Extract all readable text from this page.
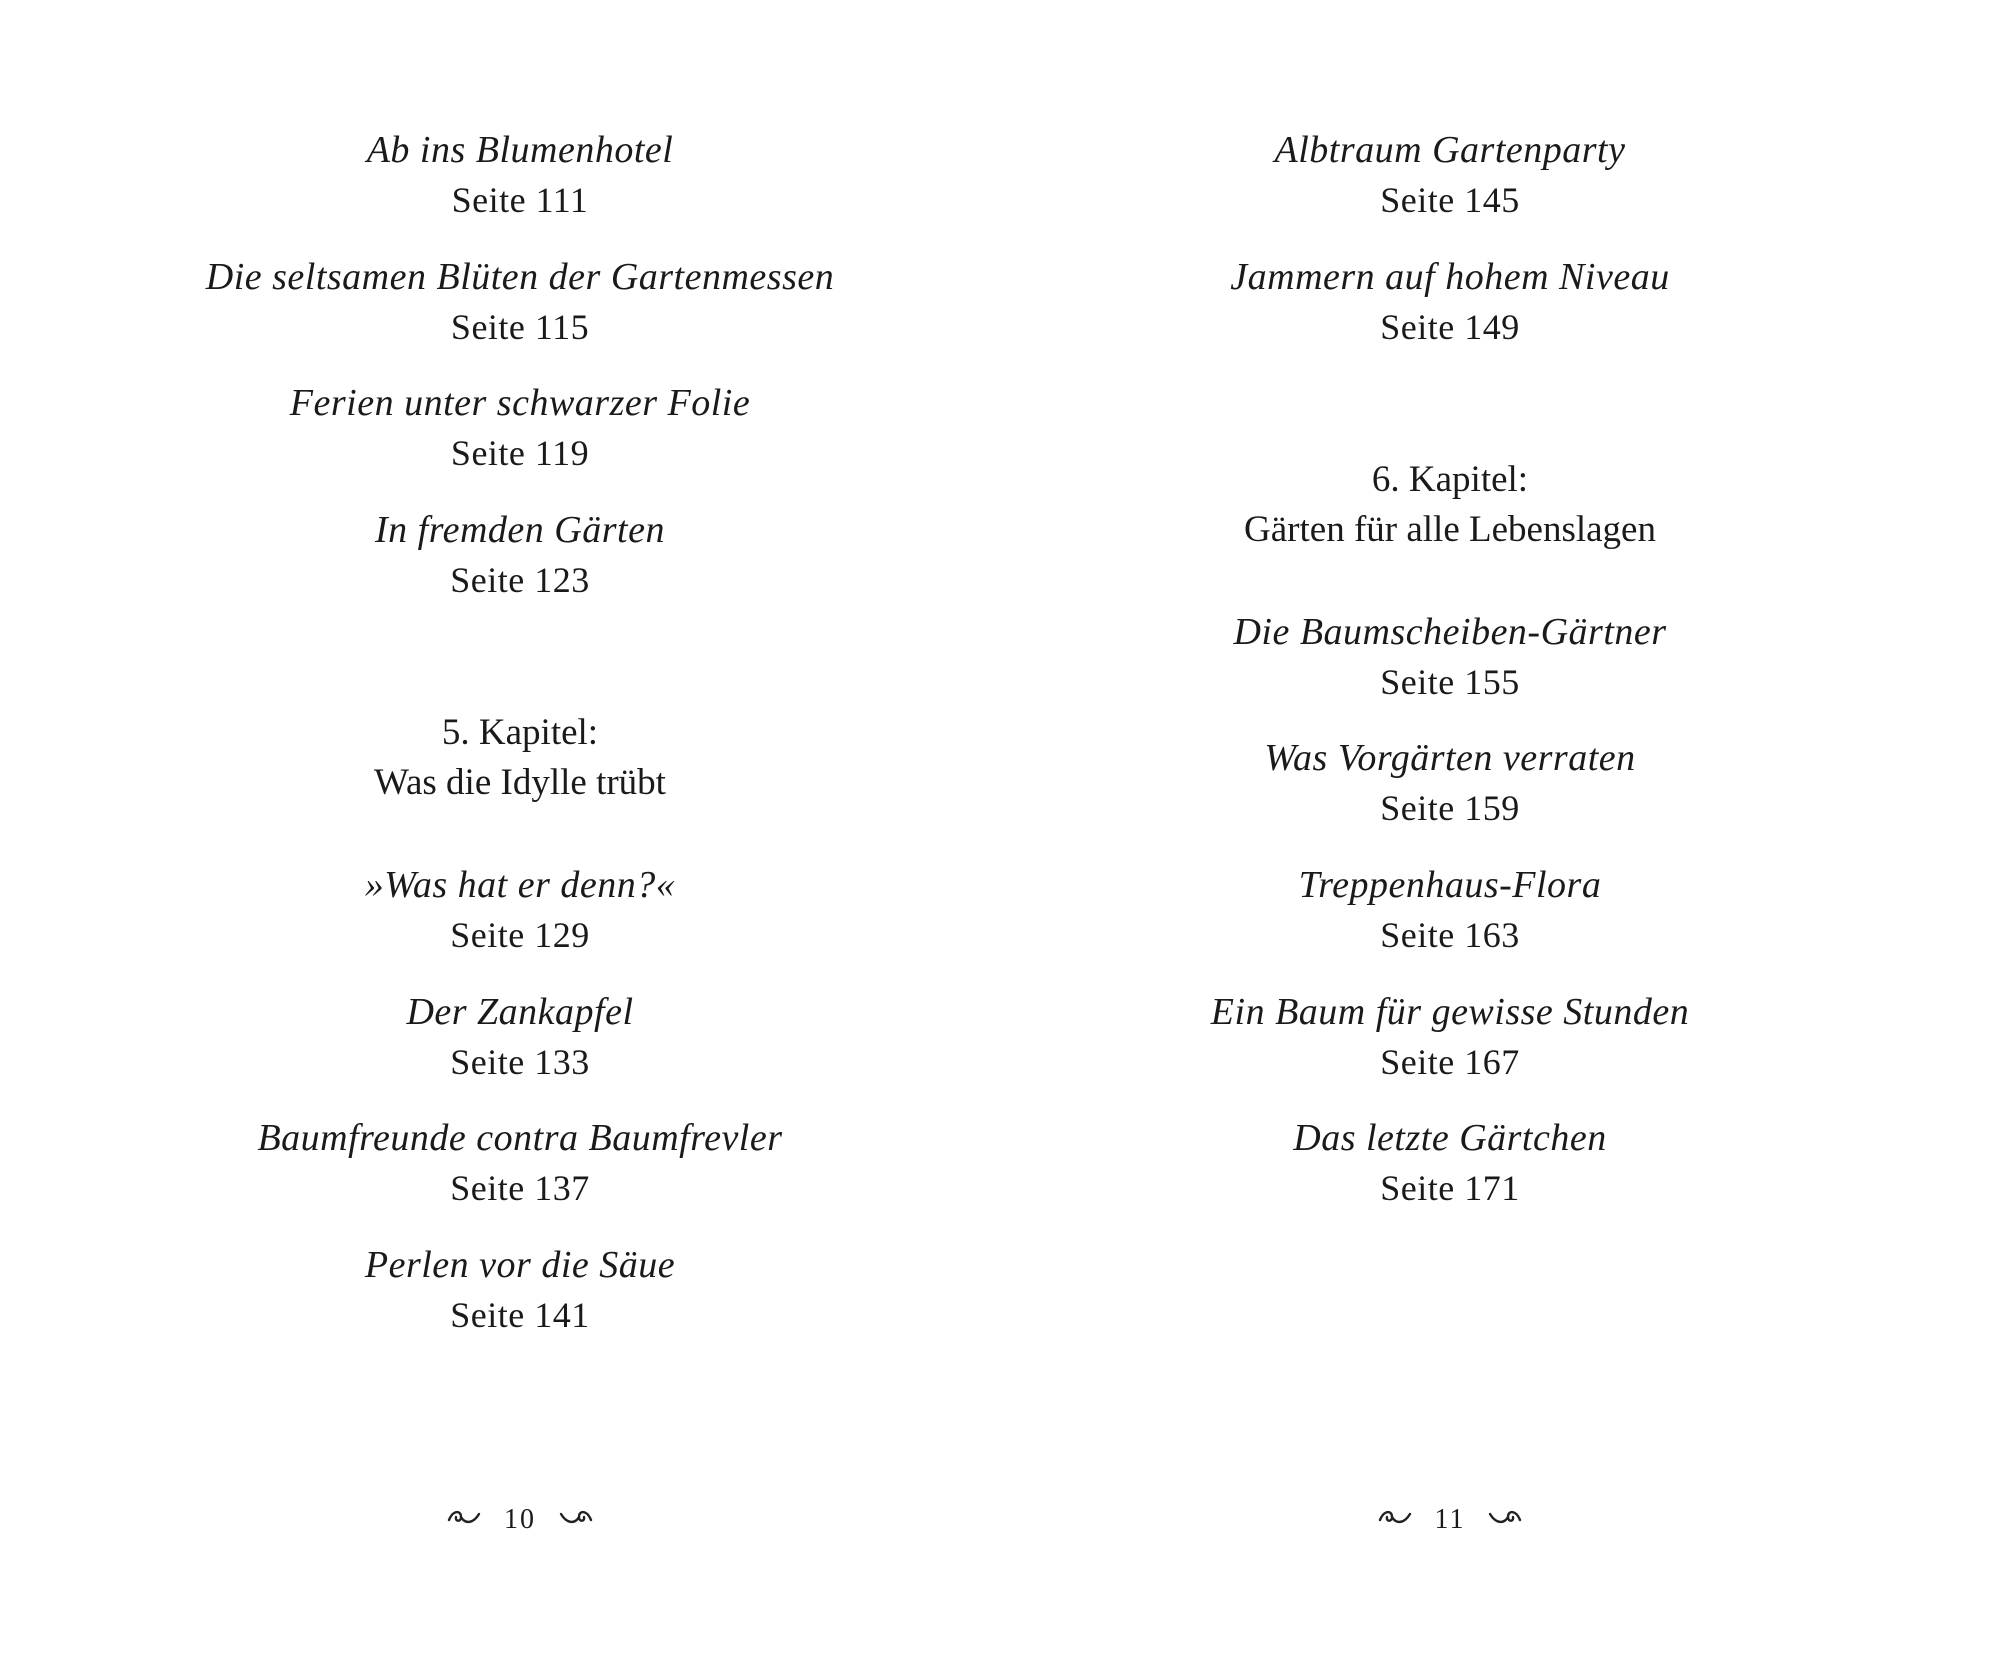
Ab ins Blumenhotel
Seite 111
Die seltsamen Blüten der Gartenmessen
Seite 115
Ferien unter schwarzer Folie
Seite 119
In fremden Gärten
Seite 123
5. Kapitel:
Was die Idylle trübt
»Was hat er denn?«
Seite 129
Der Zankapfel
Seite 133
Baumfreunde contra Baumfrevler
Seite 137
Perlen vor die Säue
Seite 141
10
Albtraum Gartenparty
Seite 145
Jammern auf hohem Niveau
Seite 149
6. Kapitel:
Gärten für alle Lebenslagen
Die Baumscheiben-Gärtner
Seite 155
Was Vorgärten verraten
Seite 159
Treppenhaus-Flora
Seite 163
Ein Baum für gewisse Stunden
Seite 167
Das letzte Gärtchen
Seite 171
11
